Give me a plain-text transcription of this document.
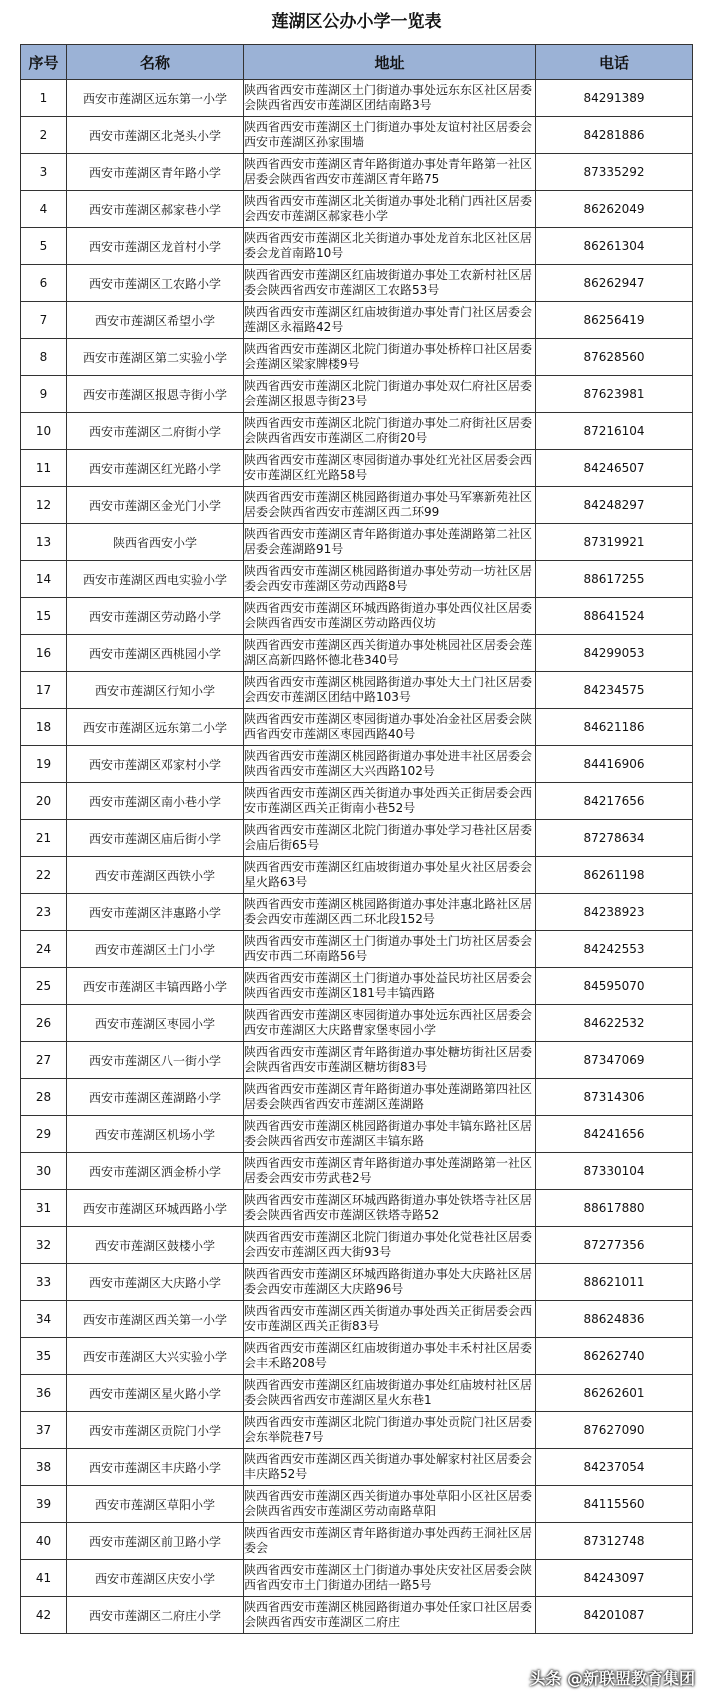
莲湖区公办小学一览表
序号	名称	地址	电话
1	西安市莲湖区远东第一小学	陕西省西安市莲湖区土门街道办事处远东东区社区居委会陕西省西安市莲湖区团结南路3号	84291389
2	西安市莲湖区北尧头小学	陕西省西安市莲湖区土门街道办事处友谊村社区居委会西安市莲湖区孙家围墙	84281886
3	西安市莲湖区青年路小学	陕西省西安市莲湖区青年路街道办事处青年路第一社区居委会陕西省西安市莲湖区青年路75	87335292
4	西安市莲湖区郝家巷小学	陕西省西安市莲湖区北关街道办事处北稍门西社区居委会西安市莲湖区郝家巷小学	86262049
5	西安市莲湖区龙首村小学	陕西省西安市莲湖区北关街道办事处龙首东北区社区居委会龙首南路10号	86261304
6	西安市莲湖区工农路小学	陕西省西安市莲湖区红庙坡街道办事处工农新村社区居委会陕西省西安市莲湖区工农路53号	86262947
7	西安市莲湖区希望小学	陕西省西安市莲湖区红庙坡街道办事处青门社区居委会莲湖区永福路42号	86256419
8	西安市莲湖区第二实验小学	陕西省西安市莲湖区北院门街道办事处桥梓口社区居委会莲湖区梁家牌楼9号	87628560
9	西安市莲湖区报恩寺街小学	陕西省西安市莲湖区北院门街道办事处双仁府社区居委会莲湖区报恩寺街23号	87623981
10	西安市莲湖区二府街小学	陕西省西安市莲湖区北院门街道办事处二府街社区居委会陕西省西安市莲湖区二府街20号	87216104
11	西安市莲湖区红光路小学	陕西省西安市莲湖区枣园街道办事处红光社区居委会西安市莲湖区红光路58号	84246507
12	西安市莲湖区金光门小学	陕西省西安市莲湖区桃园路街道办事处马军寨新苑社区居委会陕西省西安市莲湖区西二环99	84248297
13	陕西省西安小学	陕西省西安市莲湖区青年路街道办事处莲湖路第二社区居委会莲湖路91号	87319921
14	西安市莲湖区西电实验小学	陕西省西安市莲湖区桃园路街道办事处劳动一坊社区居委会西安市莲湖区劳动西路8号	88617255
15	西安市莲湖区劳动路小学	陕西省西安市莲湖区环城西路街道办事处西仪社区居委会陕西省西安市莲湖区劳动路西仪坊	88641524
16	西安市莲湖区西桃园小学	陕西省西安市莲湖区西关街道办事处桃园社区居委会莲湖区高新四路怀德北巷340号	84299053
17	西安市莲湖区行知小学	陕西省西安市莲湖区桃园路街道办事处大土门社区居委会西安市莲湖区团结中路103号	84234575
18	西安市莲湖区远东第二小学	陕西省西安市莲湖区枣园街道办事处冶金社区居委会陕西省西安市莲湖区枣园西路40号	84621186
19	西安市莲湖区邓家村小学	陕西省西安市莲湖区桃园路街道办事处进丰社区居委会陕西省西安市莲湖区大兴西路102号	84416906
20	西安市莲湖区南小巷小学	陕西省西安市莲湖区西关街道办事处西关正街居委会西安市莲湖区西关正街南小巷52号	84217656
21	西安市莲湖区庙后街小学	陕西省西安市莲湖区北院门街道办事处学习巷社区居委会庙后街65号	87278634
22	西安市莲湖区西铁小学	陕西省西安市莲湖区红庙坡街道办事处星火社区居委会星火路63号	86261198
23	西安市莲湖区沣惠路小学	陕西省西安市莲湖区桃园路街道办事处沣惠北路社区居委会西安市莲湖区西二环北段152号	84238923
24	西安市莲湖区土门小学	陕西省西安市莲湖区土门街道办事处土门坊社区居委会西安市西二环南路56号	84242553
25	西安市莲湖区丰镐西路小学	陕西省西安市莲湖区土门街道办事处益民坊社区居委会陕西省西安市莲湖区181号丰镐西路	84595070
26	西安市莲湖区枣园小学	陕西省西安市莲湖区枣园街道办事处远东西社区居委会西安市莲湖区大庆路曹家堡枣园小学	84622532
27	西安市莲湖区八一街小学	陕西省西安市莲湖区青年路街道办事处糖坊街社区居委会陕西省西安市莲湖区糖坊街83号	87347069
28	西安市莲湖区莲湖路小学	陕西省西安市莲湖区青年路街道办事处莲湖路第四社区居委会陕西省西安市莲湖区莲湖路	87314306
29	西安市莲湖区机场小学	陕西省西安市莲湖区桃园路街道办事处丰镐东路社区居委会陕西省西安市莲湖区丰镐东路	84241656
30	西安市莲湖区洒金桥小学	陕西省西安市莲湖区青年路街道办事处莲湖路第一社区居委会西安市劳武巷2号	87330104
31	西安市莲湖区环城西路小学	陕西省西安市莲湖区环城西路街道办事处铁塔寺社区居委会陕西省西安市莲湖区铁塔寺路52	88617880
32	西安市莲湖区鼓楼小学	陕西省西安市莲湖区北院门街道办事处化觉巷社区居委会西安市莲湖区西大街93号	87277356
33	西安市莲湖区大庆路小学	陕西省西安市莲湖区环城西路街道办事处大庆路社区居委会西安市莲湖区大庆路96号	88621011
34	西安市莲湖区西关第一小学	陕西省西安市莲湖区西关街道办事处西关正街居委会西安市莲湖区西关正街83号	88624836
35	西安市莲湖区大兴实验小学	陕西省西安市莲湖区红庙坡街道办事处丰禾村社区居委会丰禾路208号	86262740
36	西安市莲湖区星火路小学	陕西省西安市莲湖区红庙坡街道办事处红庙坡村社区居委会陕西省西安市莲湖区星火东巷1	86262601
37	西安市莲湖区贡院门小学	陕西省西安市莲湖区北院门街道办事处贡院门社区居委会东举院巷7号	87627090
38	西安市莲湖区丰庆路小学	陕西省西安市莲湖区西关街道办事处解家村社区居委会丰庆路52号	84237054
39	西安市莲湖区草阳小学	陕西省西安市莲湖区西关街道办事处草阳小区社区居委会陕西省西安市莲湖区劳动南路草阳	84115560
40	西安市莲湖区前卫路小学	陕西省西安市莲湖区青年路街道办事处西药王洞社区居委会	87312748
41	西安市莲湖区庆安小学	陕西省西安市莲湖区土门街道办事处庆安社区居委会陕西省西安市土门街道办团结一路5号	84243097
42	西安市莲湖区二府庄小学	陕西省西安市莲湖区桃园路街道办事处任家口社区居委会陕西省西安市莲湖区二府庄	84201087
头条 @新联盟教育集团
